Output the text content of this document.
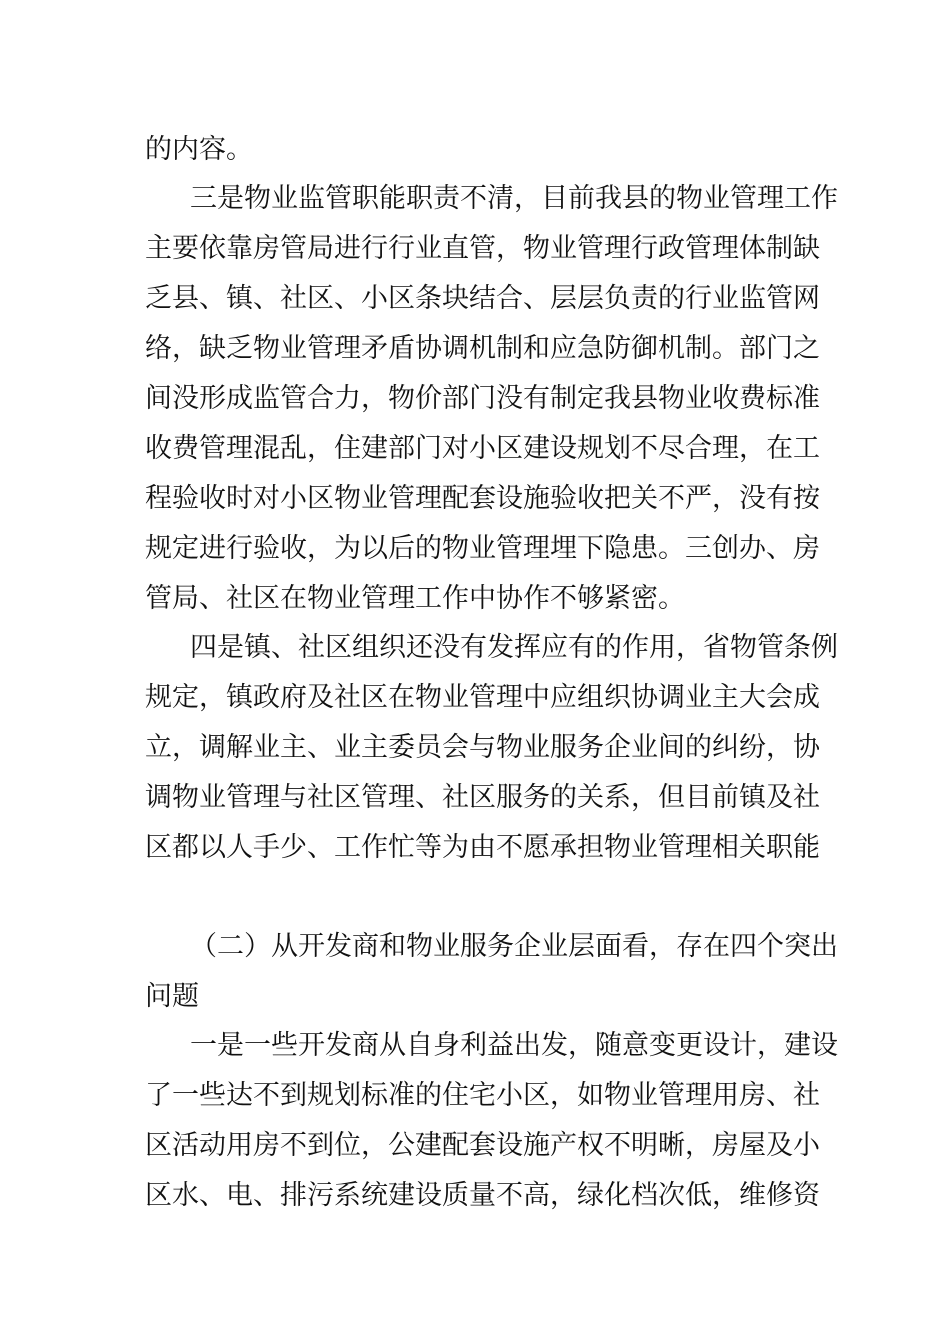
的内容。
三是物业监管职能职责不清，目前我县的物业管理工作
主要依靠房管局进行行业直管，物业管理行政管理体制缺
乏县、镇、社区、小区条块结合、层层负责的行业监管网
络，缺乏物业管理矛盾协调机制和应急防御机制。部门之
间没形成监管合力，物价部门没有制定我县物业收费标准
收费管理混乱，住建部门对小区建设规划不尽合理，在工
程验收时对小区物业管理配套设施验收把关不严，没有按
规定进行验收，为以后的物业管理埋下隐患。三创办、房
管局、社区在物业管理工作中协作不够紧密。
四是镇、社区组织还没有发挥应有的作用，省物管条例
规定，镇政府及社区在物业管理中应组织协调业主大会成
立，调解业主、业主委员会与物业服务企业间的纠纷，协
调物业管理与社区管理、社区服务的关系，但目前镇及社
区都以人手少、工作忙等为由不愿承担物业管理相关职能
（二）从开发商和物业服务企业层面看，存在四个突出
问题
一是一些开发商从自身利益出发，随意变更设计，建设
了一些达不到规划标准的住宅小区，如物业管理用房、社
区活动用房不到位，公建配套设施产权不明晰，房屋及小
区水、电、排污系统建设质量不高，绿化档次低，维修资
